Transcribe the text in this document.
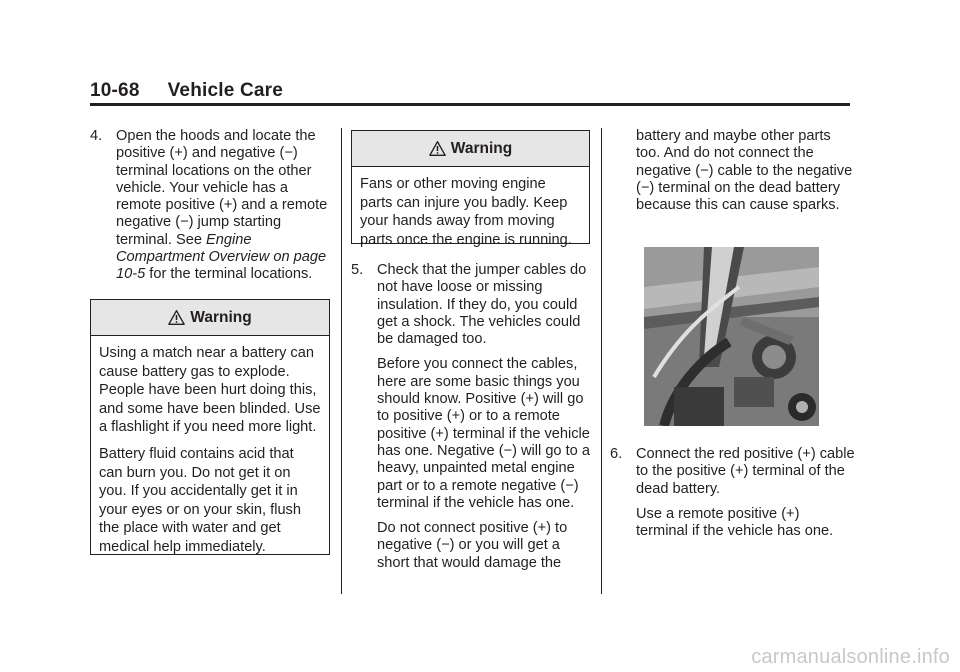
10-68 Vehicle Care

4. Open the hoods and locate the positive (+) and negative (−) terminal locations on the other vehicle. Your vehicle has a remote positive (+) and a remote negative (−) jump starting terminal. See Engine Compartment Overview on page 10-5 for the terminal locations.

Warning

Using a match near a battery can cause battery gas to explode. People have been hurt doing this, and some have been blinded. Use a flashlight if you need more light.

Battery fluid contains acid that can burn you. Do not get it on you. If you accidentally get it in your eyes or on your skin, flush the place with water and get medical help immediately.

Warning

Fans or other moving engine parts can injure you badly. Keep your hands away from moving parts once the engine is running.

5. Check that the jumper cables do not have loose or missing insulation. If they do, you could get a shock. The vehicles could be damaged too.

Before you connect the cables, here are some basic things you should know. Positive (+) will go to positive (+) or to a remote positive (+) terminal if the vehicle has one. Negative (−) will go to a heavy, unpainted metal engine part or to a remote negative (−) terminal if the vehicle has one.

Do not connect positive (+) to negative (−) or you will get a short that would damage the

battery and maybe other parts too. And do not connect the negative (−) cable to the negative (−) terminal on the dead battery because this can cause sparks.

6. Connect the red positive (+) cable to the positive (+) terminal of the dead battery.

Use a remote positive (+) terminal if the vehicle has one.

carmanualsonline.info
